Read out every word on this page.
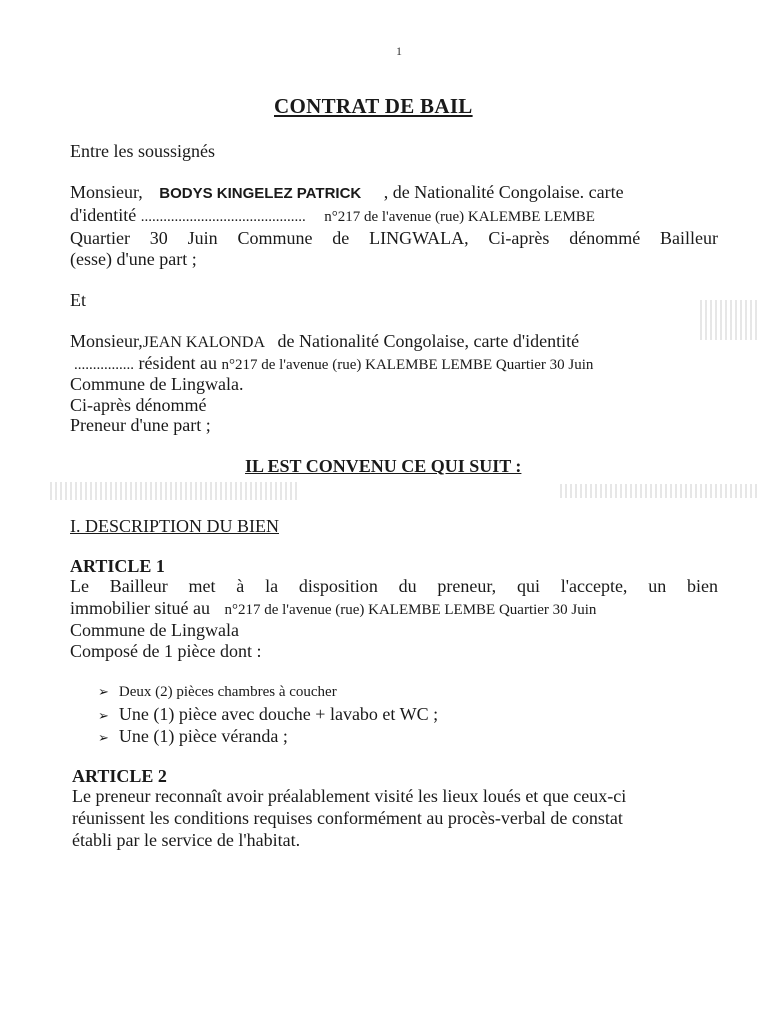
1
CONTRAT DE BAIL
Entre les soussignés
Monsieur, BODYS KINGELEZ PATRICK , de Nationalité Congolaise. carte
d'identité ............................................ n°217 de l'avenue (rue) KALEMBE LEMBE
Quartier 30 Juin Commune de LINGWALA, Ci-après dénommé Bailleur
(esse) d'une part ;
Et
Monsieur,JEAN KALONDA de Nationalité Congolaise, carte d'identité
................ résident au n°217 de l'avenue (rue) KALEMBE LEMBE Quartier 30 Juin
Commune de Lingwala.
Ci-après dénommé
Preneur d'une part ;
IL EST CONVENU CE QUI SUIT :
I. DESCRIPTION DU BIEN
ARTICLE 1
Le Bailleur met à la disposition du preneur, qui l'accepte, un bien
immobilier situé au n°217 de l'avenue (rue) KALEMBE LEMBE Quartier 30 Juin
Commune de Lingwala
Composé de 1 pièce dont :
➢ Deux (2) pièces chambres à coucher
➢ Une (1) pièce avec douche + lavabo et WC ;
➢ Une (1) pièce véranda ;
ARTICLE 2
Le preneur reconnaît avoir préalablement visité les lieux loués et que ceux-ci
réunissent les conditions requises conformément au procès-verbal de constat
établi par le service de l'habitat.
